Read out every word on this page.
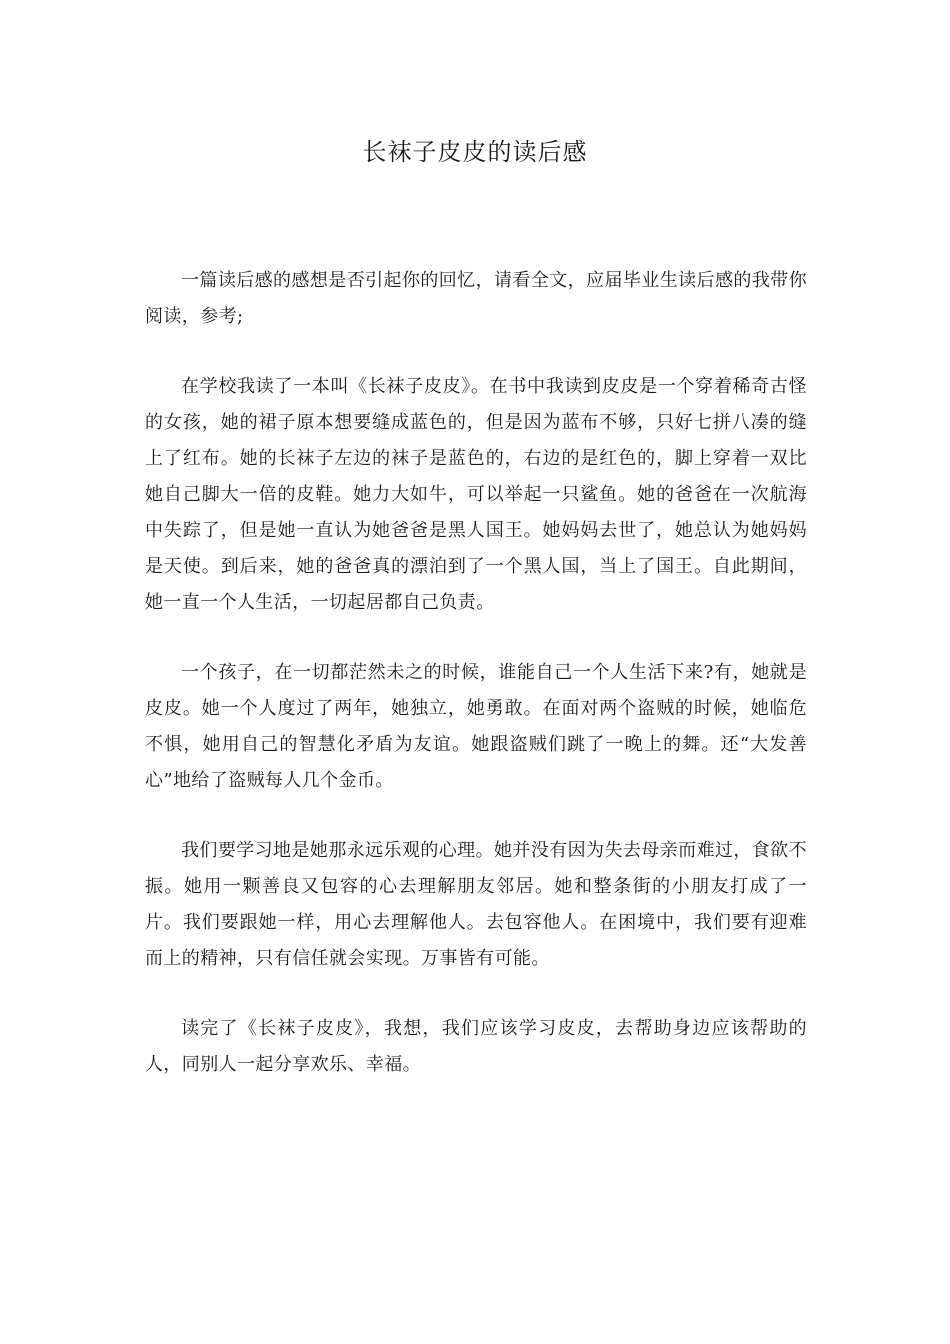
长袜子皮皮的读后感

一篇读后感的感想是否引起你的回忆，请看全文，应届毕业生读后感的我带你阅读，参考;

在学校我读了一本叫《长袜子皮皮》。在书中我读到皮皮是一个穿着稀奇古怪的女孩，她的裙子原本想要缝成蓝色的，但是因为蓝布不够，只好七拼八凑的缝上了红布。她的长袜子左边的袜子是蓝色的，右边的是红色的，脚上穿着一双比她自己脚大一倍的皮鞋。她力大如牛，可以举起一只鲨鱼。她的爸爸在一次航海中失踪了，但是她一直认为她爸爸是黑人国王。她妈妈去世了，她总认为她妈妈是天使。到后来，她的爸爸真的漂泊到了一个黑人国，当上了国王。自此期间，她一直一个人生活，一切起居都自己负责。

一个孩子，在一切都茫然未之的时候，谁能自己一个人生活下来?有，她就是皮皮。她一个人度过了两年，她独立，她勇敢。在面对两个盗贼的时候，她临危不惧，她用自己的智慧化矛盾为友谊。她跟盗贼们跳了一晚上的舞。还“大发善心”地给了盗贼每人几个金币。

我们要学习地是她那永远乐观的心理。她并没有因为失去母亲而难过，食欲不振。她用一颗善良又包容的心去理解朋友邻居。她和整条街的小朋友打成了一片。我们要跟她一样，用心去理解他人。去包容他人。在困境中，我们要有迎难而上的精神，只有信任就会实现。万事皆有可能。

读完了《长袜子皮皮》，我想，我们应该学习皮皮，去帮助身边应该帮助的人，同别人一起分享欢乐、幸福。
